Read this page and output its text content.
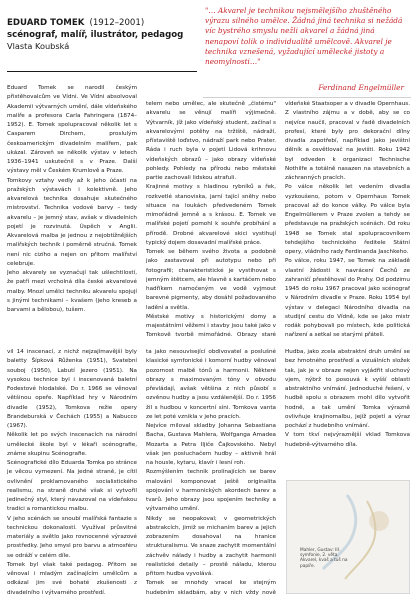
EDUARD TOMEK (1912–2001)
scénograf, malíř, ilustrátor, pedagog
Vlasta Koubská
"… Akvarel je technikou nejsmělejšího zhuštěného výrazu silného umělce. Žádná jiná technika si nežádá víc bystrého smyslu nežli akvarel a žádná jiná nenapoví tolik o individualitě umělcově. Akvarel je technika vznešená, vyžadující umělecké jistoty a neomylnosti…"
Ferdinand Engelmüller

Eduard Tomek se narodil českým přistěhovalcům ve Vídni. Ve Vídni absolvoval Akademii výtvarných umění, dále vídeňského malíře a profesora Carla Fahringera (1874–1952). E. Tomek spolupracoval několik let s Casparem Dirchem, proslulým českoamerickým divadelním malířem, pak ukázal. Zároveň se několik výstav v letech 1936–1941 uskutečnil s v Praze. Další výstavy měl v Českém Krumlově a Praze.

Tomkovy vztahy vedly až k jeho účasti na pražských výstavách i kolektivně. Jeho akvarelová technika dosahuje skutečného mistrovství. Technika vodové barvy – tedy akvarelu – je jemný stav, avšak v divadelních pojetí je rozvinutá. Úspěch v Anglii. Akvarelová malba je jednou z nejobtížnějších malířských technik i poměrně stručná. Tomek není nic cizího a nejen on přitom malířství celebruje.

Jeho akvarely se vyznačují tak ušlechtilostí, že patří mezi vrcholná díla české akvarelové malby. Mnozí umělci techniku akvarelu spojují s jinými technikami – kvašem (jeho kreseb a barvami a bělobou), tušem.

telem nebo umělec, ale skutečně „čistému" akvarelu se věnují malíři výjimečně. Výtvarník, jíž jako vídeňský student, začínal s akvarelovými potěhy na tržiště, nádraží, přístaviště loďstvo, nádraží park nebo Prater. Ráda i ruch byla v pojetí Lidová krihnovu vídeňských obrazů – jako obrazy vídeňské pohledy. Pohledy na přírodu nebo městské partie zachovali lidskou atrafuli.

Krajinné motivy s hladinou rybníků a řek, rozkvetlé stanoviska, jarní tající sněhy nebo situace na loukách předvedeném Tomek mimořádně jemně a s krásou. E. Tomek ve malířské pojetí pomohl k souhře probíhání a přírodě. Drobné akvarelové skici vystihují typický dojem dosavadní malířské práce.

Tomek se během svého života a podobně jako zastavoval při autotypu nebo při fotografii; charakteristické je vystihovat s jemným štětcem, ale hlavně s kartáčem nebo hadříkem namočeným ve vodě vyjmout barevné pigmenty, aby dosáhl požadovaného ladění a světla.

Městské motivy s historickými domy a majestátními věžemi i stavby jsou také jako v Tomkově tvorbě mimořádné. Obrazy staré

vídeňské Staatsoper a v divadle Opernhaus. Z vlastního zájmu a v době, aby se co nejvíce naučil, pracoval v řadě divadelních profesí, které byly pro dekorační dílny divadla zapotřebí, například jako jevištní dělník a osvětlovač na jevišti. Roku 1942 byl odveden k organizaci Technische Nothilfe a totálně nasazen na stavebních a záchranných pracích.

Po válce několik let vedením divadla vyzkoušeno, potom v Opernhaus Tomek pracoval až do konce války. Po válce byla Engelmüllerem v Praze zvolen a tehdy se představuje na pražských scénách. Od roku 1948 se Tomek stal spolupracovníkem tehdejšího technického ředitele Státní opery, vládního rady Ferdinanda Jaschkeho.

Po válce, roku 1947, se Tomek na základě vlastní žádosti k navrácení Čechů ze zahraničí přestěhoval do Prahy. Od podzimu 1945 do roku 1967 pracoval jako scénograf v Národním divadle v Praze. Roku 1954 byl výstav v delegaci Národního divadla na studijní cestu do Vídně, kde se jako mistr rodák pohybovali po místech, kde politická nařízení a setkal se starými přáteli.

vil 14 inscenací, z nichž nejzajímavější byly baletty Šípková Růženka (1951), Svatební souboj (1950), Labutí jezero (1951). Na vysokou technice byl i inscenovaná baletní Fodestové hlodalské. Do r. 1966 se věnoval většinou opeře. Například hry v Národním divadle (1952), Tomkova režie opery Brandeburská v Čechách (1955) a Nabucco (1967).

Několik let po svých inscenacích na národní umělecké škole byl v lékaři scénografie, známe skupinu Scénografie.

Scénografické dílo Eduarda Tomka po stránce je věcou vymezení. Na jedné straně, je cítil ovlivnění proklamovaného socialistického realismu, na straně druhé však si vytvořil jedinečný styl, který navazoval na vídeňskou tradici a romantickou malbu.

V jeho scénách se snoubí malířská fantazie s technickou dokonalostí. Využíval průsvitné materiály a světlo jako rovnocenné výrazové prostředky. Jeho smysl pro barvu a atmosféru se odráží v celém díle.

Tomek byl však také pedagog. Přitom se věnoval i mladým začínajícím umělcům a odkázal jim své bohaté zkušenosti z divadelního i výtvarného prostředí.

ta jako nesouvisející obdivovatel a poslušné klasické symfonické i komorní hudby věnoval pozornost malbě tónů a harmonii. Některé obrazy s maximovaným tóny v obvodu převládají, avšak většina z nich působí s ozvěnou hudby a jsou vzdálenější. Do r. 1956 žil s hudbou v koncertní síni. Tomkova vanta ze let poté vznikla v jeho pracích.

Nejvíce miloval skladby Johanna Sebastiana Bacha, Gustava Mahlera, Wolfganga Amadea Mozarta a Petra Iljiče Čajkovského. Nebyl však jen posluchačem hudby – aktivně hrál na housle, kytaru, klavír i lesní roh.

Rozmýšlením technik prolínajících se barev malování komponovat ještě originalita spojování v harmonických akordech barev a tvarů. Jeho obrazy jsou spojením techniky a výtvarného umění.

Nikdy se neopakoval; v geometrických abstrakcích, jimiž se michaním barev a jejich zobrazením dosahoval na hranice strukturalismu. Ve snaze zachytit momentální záchvěv nálady i hudby a zachytit harmonii realistické detaily – prostě náladu, kterou přitom hudba vyvolává.

Tomek se mnohdy vracel ke stejným hudebním skladbám, aby v nich vždy nově

Hudba, jako zcela abstraktní druh umění se bez hmotného prostředí a vizuálních složek tak, jak je v obraze nejen vyjádřit sluchový vjem, nýbrž to posouvá k vyšší oblasti abstraktního vnímání. Jednoduché řešení, v hudbě spolu s obrazem mohl dílo vytvořit hodně, a tak umění Tomka výrazně ovlivňuje krajinomalbu, jejíž pojetí a výraz pochází z hudebního vnímání.

V tom tkví nejvýraznější vklad Tomkova hudebně-výtvarného díla.

Mahler, Gustav: III. symfonie, 2. věta. Akvarel, kvaš a tuš na papíře.
